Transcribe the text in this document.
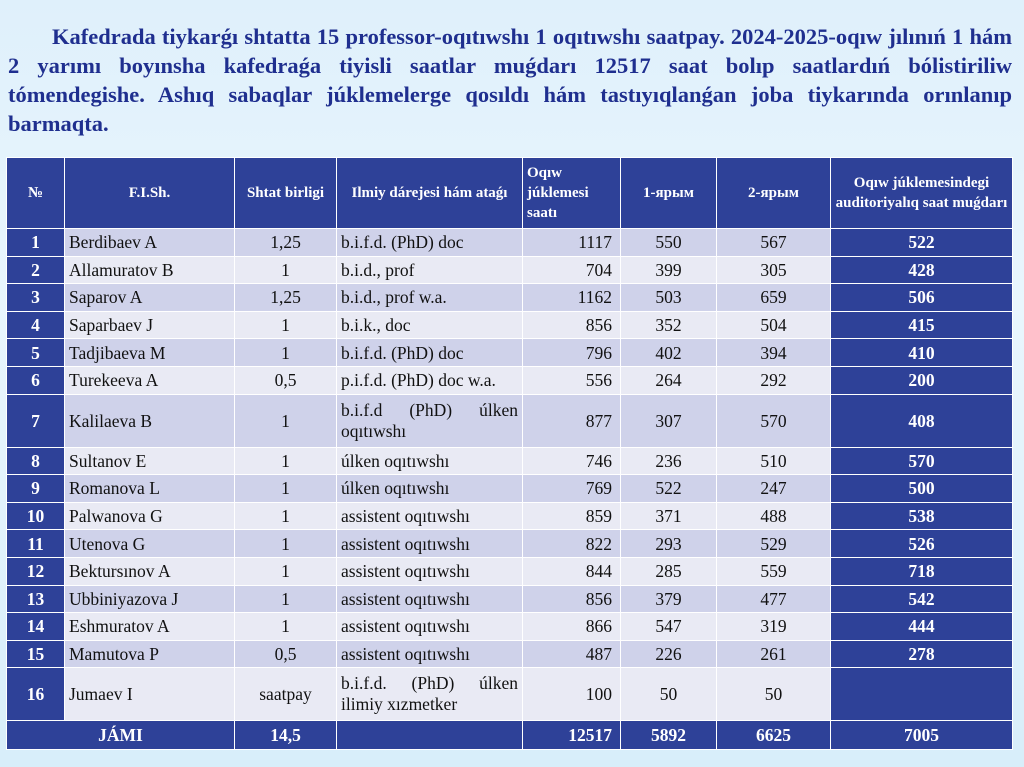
Kafedrada tiykarǵı shtatta 15 professor-oqıtıwshı 1 oqıtıwshı saatpay. 2024-2025-oqıw jılınıń 1 hám 2 yarımı boyınsha kafedraǵa tiyisli saatlar muǵdarı 12517 saat bolıp saatlardıń bólistiriliw tómendegishe. Ashıq sabaqlar júklemelerge qosıldı hám tastıyıqlanǵan joba tiykarında orınlanıp barmaqta.
№	F.I.Sh.	Shtat birligi	Ilmiy dárejesi hám ataǵı	Oqıw júklemesi saatı	1-ярым	2-ярым	Oqıw júklemesindegi auditoriyalıq saat muǵdarı
1	Berdibaev A	1,25	b.i.f.d. (PhD) doc	1117	550	567	522
2	Allamuratov B	1	b.i.d., prof	704	399	305	428
3	Saparov A	1,25	b.i.d., prof w.a.	1162	503	659	506
4	Saparbaev J	1	b.i.k., doc	856	352	504	415
5	Tadjibaeva M	1	b.i.f.d. (PhD) doc	796	402	394	410
6	Turekeeva A	0,5	p.i.f.d. (PhD) doc w.a.	556	264	292	200
7	Kalilaeva B	1	b.i.f.d (PhD) úlken oqıtıwshı	877	307	570	408
8	Sultanov E	1	úlken oqıtıwshı	746	236	510	570
9	Romanova L	1	úlken oqıtıwshı	769	522	247	500
10	Palwanova G	1	assistent oqıtıwshı	859	371	488	538
11	Utenova G	1	assistent oqıtıwshı	822	293	529	526
12	Bektursınov A	1	assistent oqıtıwshı	844	285	559	718
13	Ubbiniyazova J	1	assistent oqıtıwshı	856	379	477	542
14	Eshmuratov A	1	assistent oqıtıwshı	866	547	319	444
15	Mamutova P	0,5	assistent oqıtıwshı	487	226	261	278
16	Jumaev I	saatpay	b.i.f.d. (PhD) úlken ilimiy xızmetker	100	50	50	
JÁMI		14,5		12517	5892	6625	7005
